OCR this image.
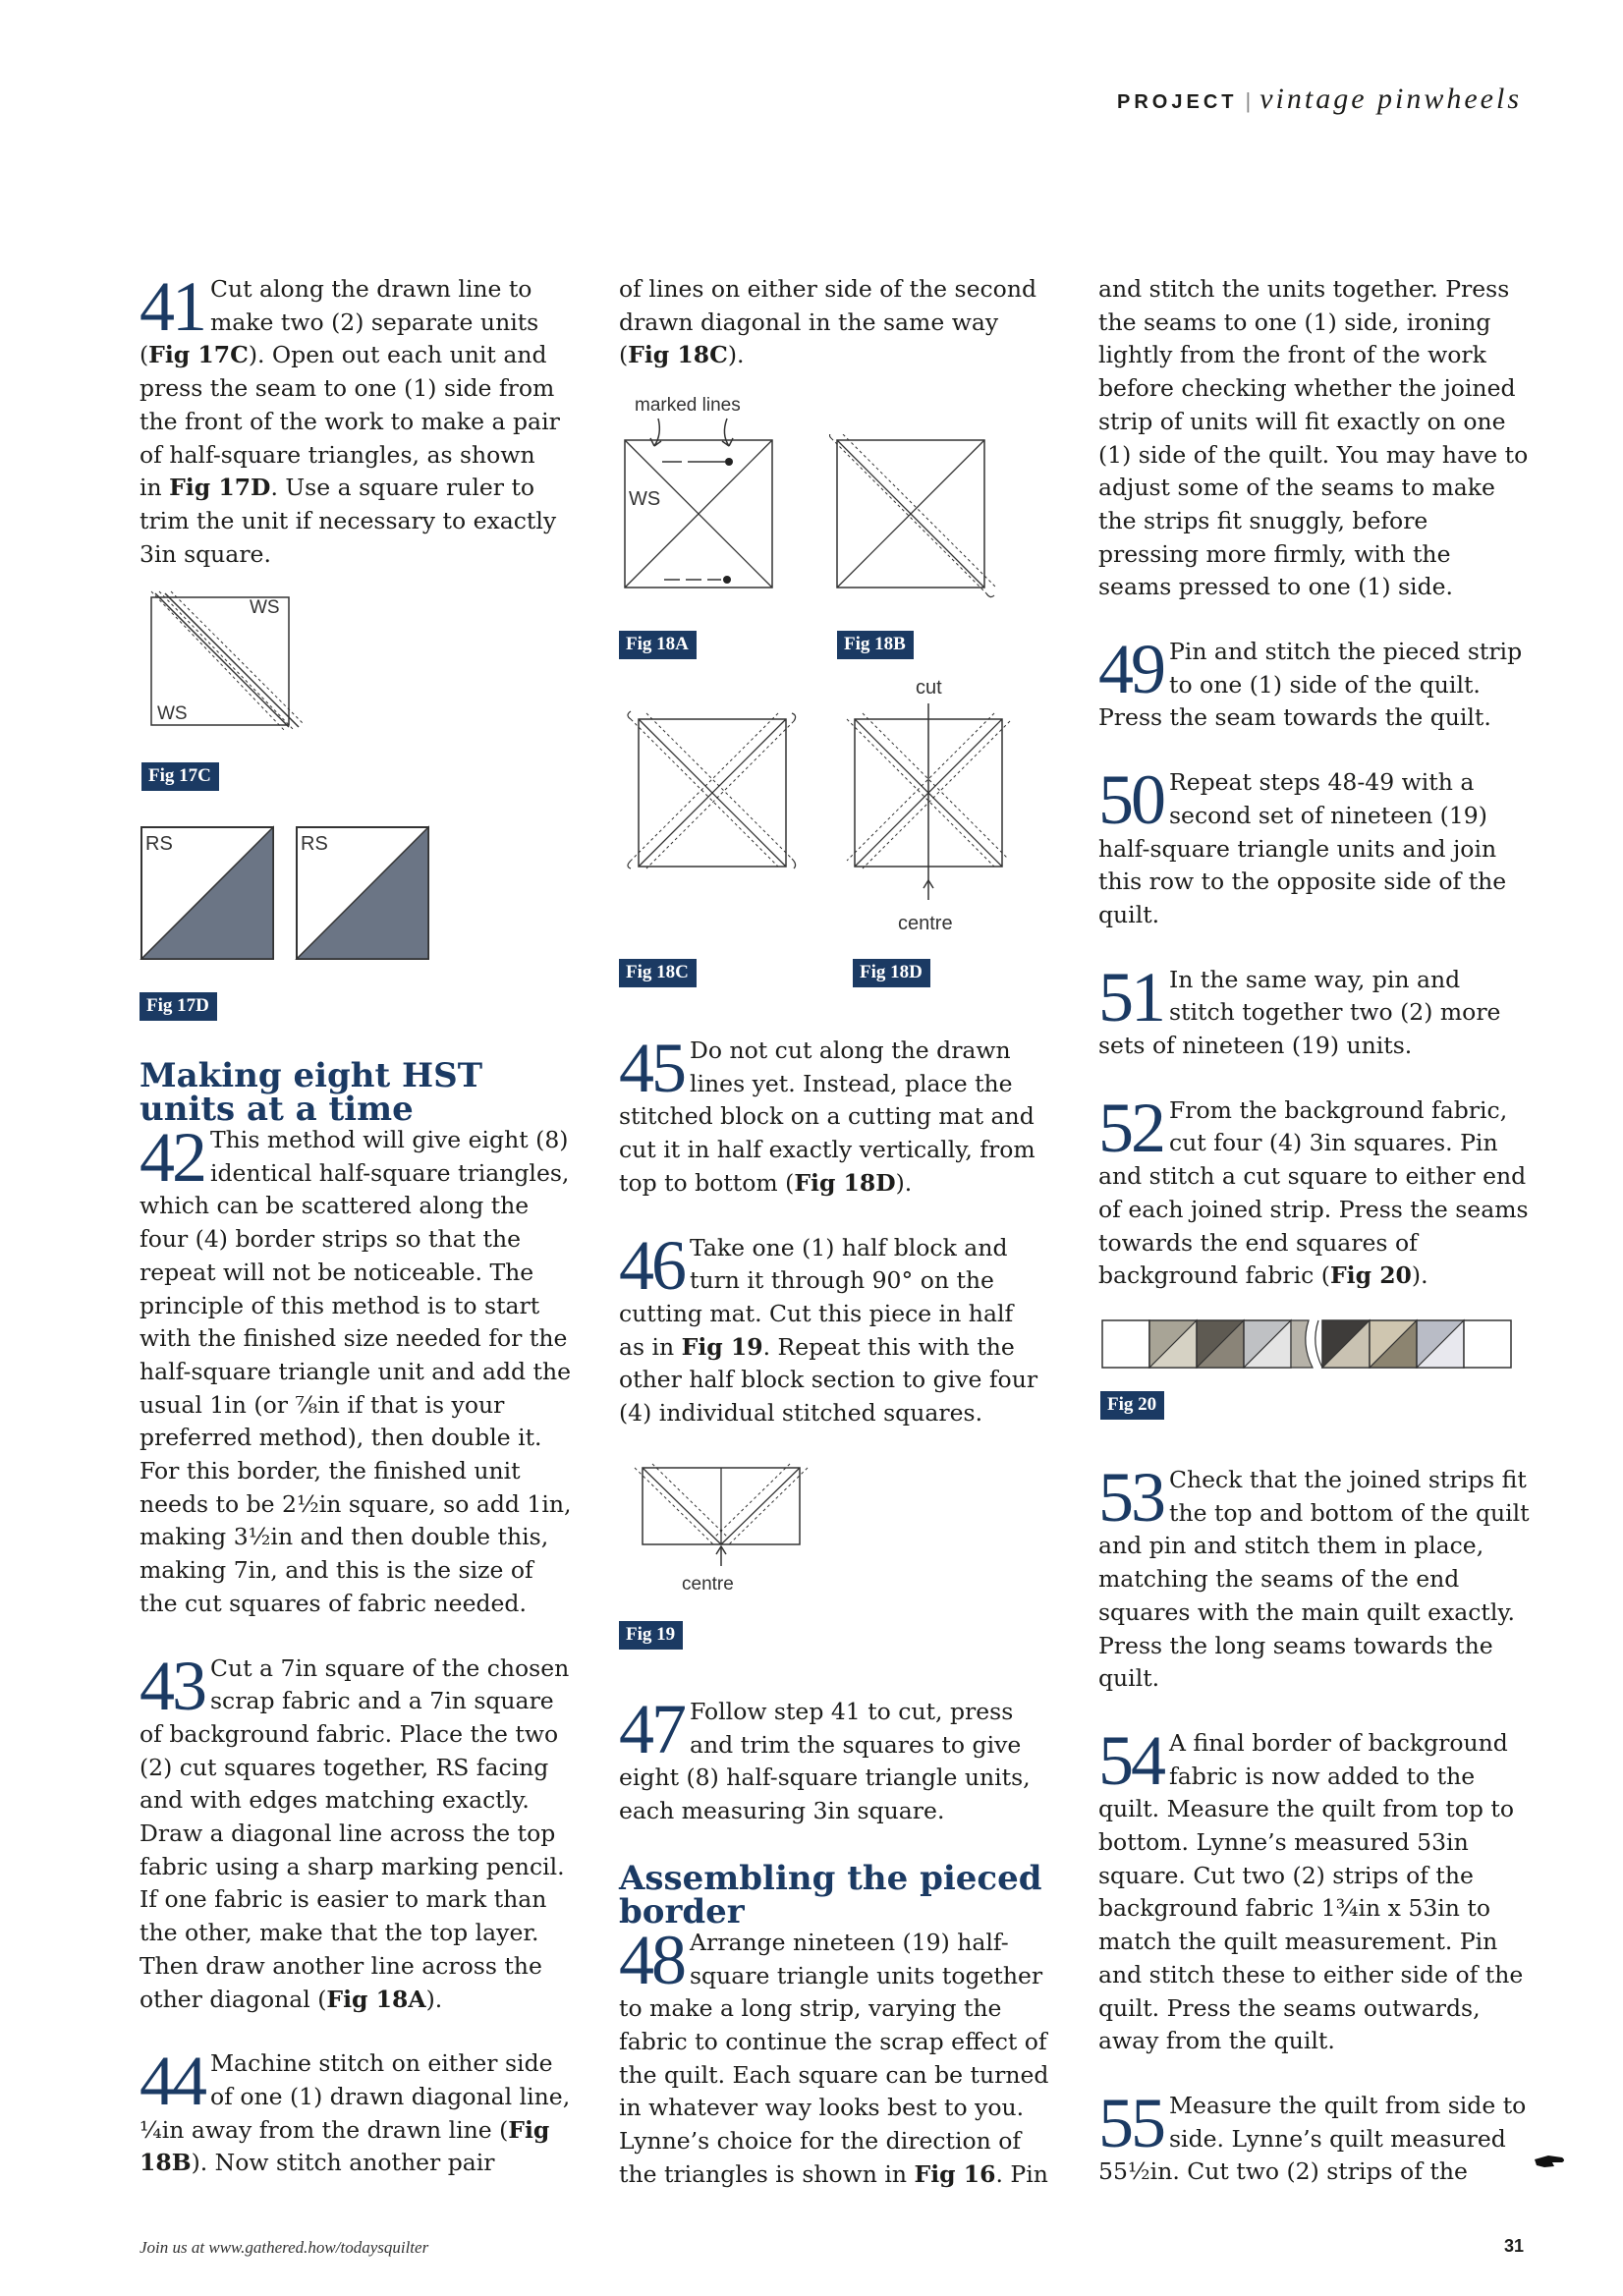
PROJECT | vintage pinwheels

41 Cut along the drawn line to make two (2) separate units (Fig 17C). Open out each unit and press the seam to one (1) side from the front of the work to make a pair of half-square triangles, as shown in Fig 17D. Use a square ruler to trim the unit if necessary to exactly 3in square.

WS
WS
Fig 17C
RS	RS
Fig 17D
Making eight HST units at a time

42 This method will give eight (8) identical half-square triangles, which can be scattered along the four (4) border strips so that the repeat will not be noticeable. The principle of this method is to start with the finished size needed for the half-square triangle unit and add the usual 1in (or ⅞in if that is your preferred method), then double it. For this border, the finished unit needs to be 2½in square, so add 1in, making 3½in and then double this, making 7in, and this is the size of the cut squares of fabric needed.

43 Cut a 7in square of the chosen scrap fabric and a 7in square of background fabric. Place the two (2) cut squares together, RS facing and with edges matching exactly. Draw a diagonal line across the top fabric using a sharp marking pencil. If one fabric is easier to mark than the other, make that the top layer. Then draw another line across the other diagonal (Fig 18A).

44 Machine stitch on either side of one (1) drawn diagonal line, ¼in away from the drawn line (Fig 18B). Now stitch another pair

of lines on either side of the second drawn diagonal in the same way (Fig 18C).

marked lines
WS
Fig 18A	Fig 18B
Fig 18C
cut
centre
Fig 18D

45 Do not cut along the drawn lines yet. Instead, place the stitched block on a cutting mat and cut it in half exactly vertically, from top to bottom (Fig 18D).

46 Take one (1) half block and turn it through 90° on the cutting mat. Cut this piece in half as in Fig 19. Repeat this with the other half block section to give four (4) individual stitched squares.

centre
Fig 19

47 Follow step 41 to cut, press and trim the squares to give eight (8) half-square triangle units, each measuring 3in square.

Assembling the pieced border

48 Arrange nineteen (19) half-square triangle units together to make a long strip, varying the fabric to continue the scrap effect of the quilt. Each square can be turned in whatever way looks best to you. Lynne’s choice for the direction of the triangles is shown in Fig 16. Pin

and stitch the units together. Press the seams to one (1) side, ironing lightly from the front of the work before checking whether the joined strip of units will fit exactly on one (1) side of the quilt. You may have to adjust some of the seams to make the strips fit snuggly, before pressing more firmly, with the seams pressed to one (1) side.

49 Pin and stitch the pieced strip to one (1) side of the quilt. Press the seam towards the quilt.

50 Repeat steps 48-49 with a second set of nineteen (19) half-square triangle units and join this row to the opposite side of the quilt.

51 In the same way, pin and stitch together two (2) more sets of nineteen (19) units.

52 From the background fabric, cut four (4) 3in squares. Pin and stitch a cut square to either end of each joined strip. Press the seams towards the end squares of background fabric (Fig 20).

Fig 20

53 Check that the joined strips fit the top and bottom of the quilt and pin and stitch them in place, matching the seams of the end squares with the main quilt exactly. Press the long seams towards the quilt.

54 A final border of background fabric is now added to the quilt. Measure the quilt from top to bottom. Lynne’s measured 53in square. Cut two (2) strips of the background fabric 1¾in x 53in to match the quilt measurement. Pin and stitch these to either side of the quilt. Press the seams outwards, away from the quilt.

55 Measure the quilt from side to side. Lynne’s quilt measured 55½in. Cut two (2) strips of the

Join us at www.gathered.how/todaysquilter	31
